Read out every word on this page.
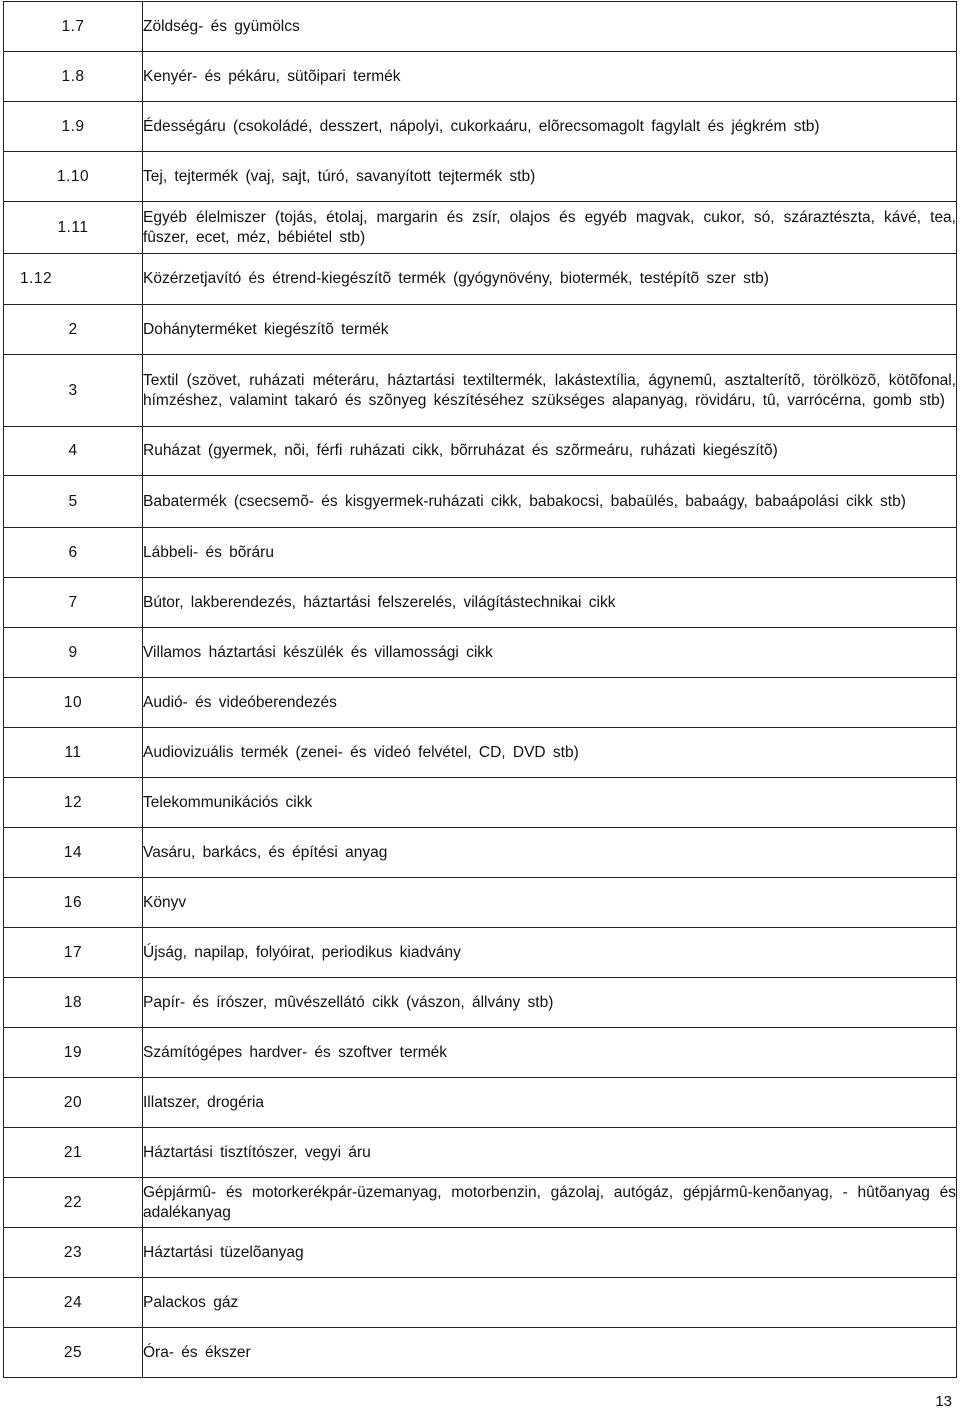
1.7	Zöldség- és gyümölcs
1.8	Kenyér- és pékáru, sütõipari termék
1.9	Édességáru (csokoládé, desszert, nápolyi, cukorkaáru, elõrecsomagolt fagylalt és jégkrém stb)
1.10	Tej, tejtermék (vaj, sajt, túró, savanyított tejtermék stb)
1.11	Egyéb élelmiszer (tojás, étolaj, margarin és zsír, olajos és egyéb magvak, cukor, só, száraztészta, kávé, tea, fûszer, ecet, méz, bébiétel stb)
1.12	Közérzetjavító és étrend-kiegészítõ termék (gyógynövény, biotermék, testépítõ szer stb)
2	Dohányterméket kiegészítõ termék
3	Textil (szövet, ruházati méteráru, háztartási textiltermék, lakástextília, ágynemû, asztalterítõ, törölközõ, kötõfonal, hímzéshez, valamint takaró és szõnyeg készítéséhez szükséges alapanyag, rövidáru, tû, varrócérna, gomb stb)
4	Ruházat (gyermek, nõi, férfi ruházati cikk, bõrruházat és szõrmeáru, ruházati kiegészítõ)
5	Babatermék (csecsemõ- és kisgyermek-ruházati cikk, babakocsi, babaülés, babaágy, babaápolási cikk stb)
6	Lábbeli- és bõráru
7	Bútor, lakberendezés, háztartási felszerelés, világítástechnikai cikk
9	Villamos háztartási készülék és villamossági cikk
10	Audió- és videóberendezés
11	Audiovizuális termék (zenei- és videó felvétel, CD, DVD stb)
12	Telekommunikációs cikk
14	Vasáru, barkács, és építési anyag
16	Könyv
17	Újság, napilap, folyóirat, periodikus kiadvány
18	Papír- és írószer, mûvészellátó cikk (vászon, állvány stb)
19	Számítógépes hardver- és szoftver termék
20	Illatszer, drogéria
21	Háztartási tisztítószer, vegyi áru
22	Gépjármû- és motorkerékpár-üzemanyag, motorbenzin, gázolaj, autógáz, gépjármû-kenõanyag, - hûtõanyag és adalékanyag
23	Háztartási tüzelõanyag
24	Palackos gáz
25	Óra- és ékszer
13
